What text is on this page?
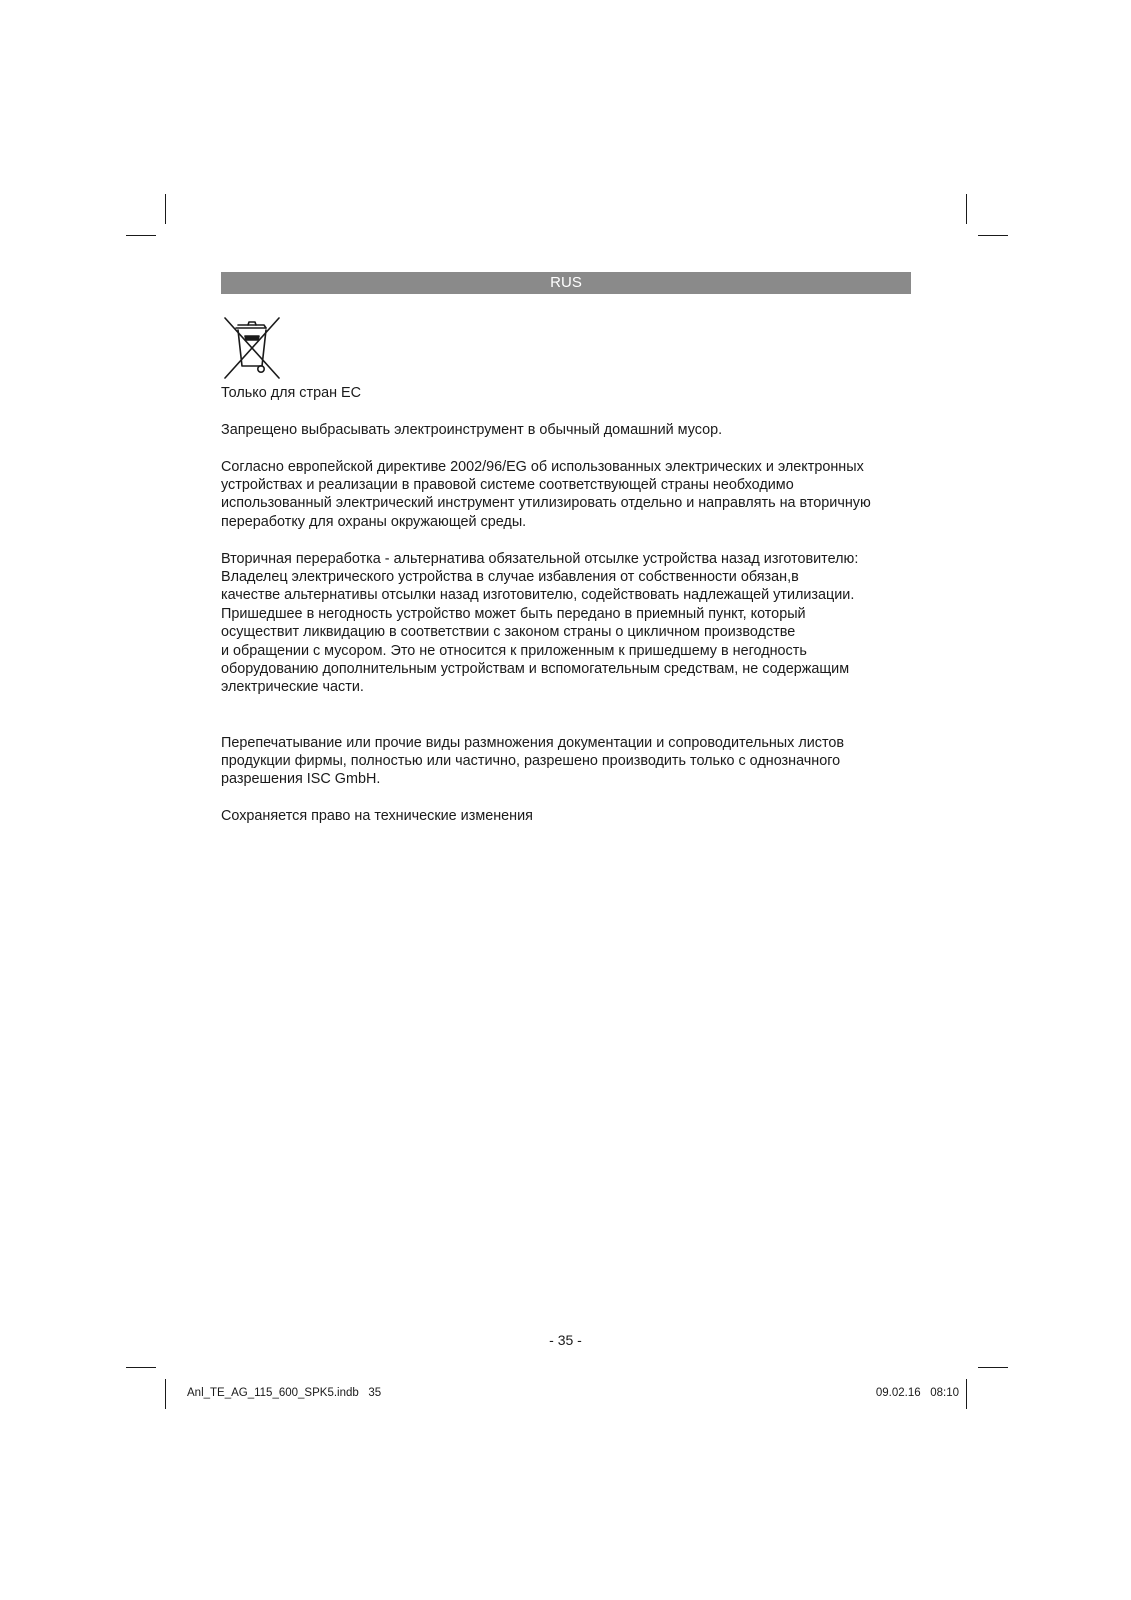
RUS

Только для стран ЕС

Запрещено выбрасывать электроинструмент в обычный домашний мусор.

Согласно европейской директиве 2002/96/EG об использованных электрических и электронных
устройствах и реализации в правовой системе соответствующей страны необходимо
использованный электрический инструмент утилизировать отдельно и направлять на вторичную
переработку для охраны окружающей среды.

Вторичная переработка - альтернатива обязательной отсылке устройства назад изготовителю:
Владелец электрического устройства в случае избавления от собственности обязан,в
качестве альтернативы отсылки назад изготовителю, содействовать надлежащей утилизации.
Пришедшее в негодность устройство может быть передано в приемный пункт, который
осуществит ликвидацию в соответствии с законом страны о цикличном производстве
и обращении с мусором. Это не относится к приложенным к пришедшему в негодность
оборудованию дополнительным устройствам и вспомогательным средствам, не содержащим
электрические части.

Перепечатывание или прочие виды размножения документации и сопроводительных листов
продукции фирмы, полностью или частично, разрешено производить только с однозначного
разрешения ISC GmbH.

Сохраняется право на технические изменения

- 35 -
Anl_TE_AG_115_600_SPK5.indb   35	09.02.16   08:10
